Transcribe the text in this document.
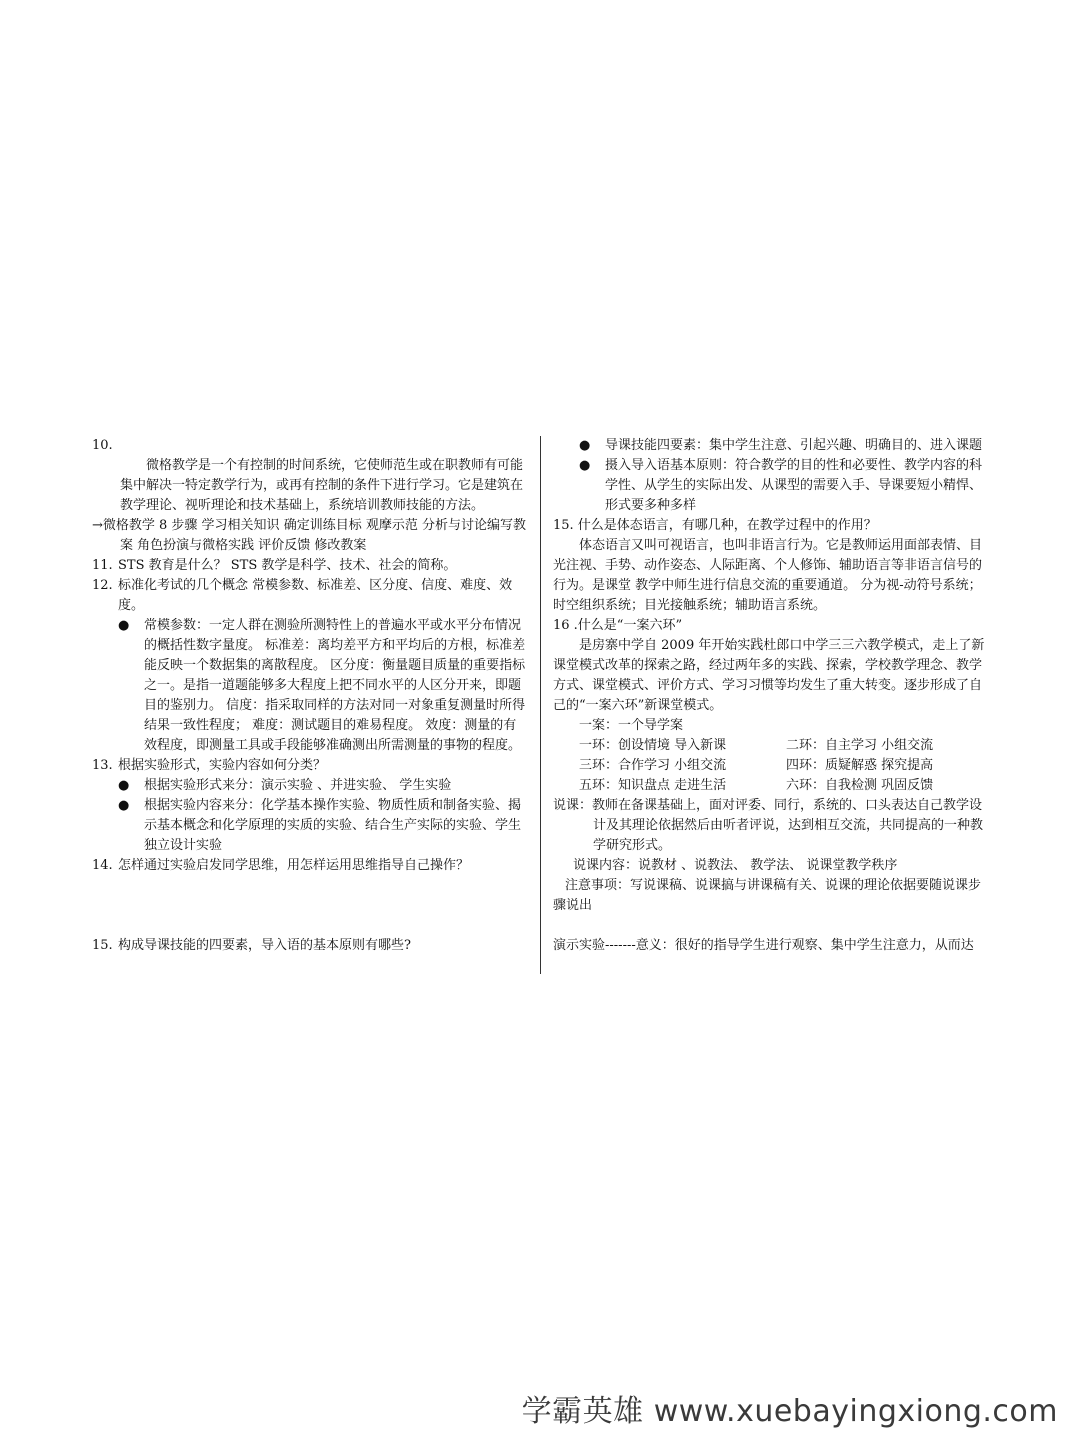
10.

微格教学是一个有控制的时间系统，它使师范生或在职教师有可能集中解决一特定教学行为，或再有控制的条件下进行学习。它是建筑在教学理论、视听理论和技术基础上，系统培训教师技能的方法。

→微格教学 8 步骤 学习相关知识 确定训练目标 观摩示范 分析与讨论编写教案 角色扮演与微格实践 评价反馈 修改教案

11. STS 教育是什么？ STS 教学是科学、技术、社会的简称。
12. 标准化考试的几个概念 常模参数、标准差、区分度、信度、难度、效度。
●	常模参数：一定人群在测验所测特性上的普遍水平或水平分布情况的概括性数字量度。 标准差：离均差平方和平均后的方根，标准差能反映一个数据集的离散程度。 区分度：衡量题目质量的重要指标之一。是指一道题能够多大程度上把不同水平的人区分开来，即题目的鉴别力。 信度：指采取同样的方法对同一对象重复测量时所得结果一致性程度； 难度：测试题目的难易程度。 效度：测量的有效程度，即测量工具或手段能够准确测出所需测量的事物的程度。
13. 根据实验形式，实验内容如何分类？
●	根据实验形式来分：演示实验 、并进实验、 学生实验
●	根据实验内容来分：化学基本操作实验、物质性质和制备实验、揭示基本概念和化学原理的实质的实验、结合生产实际的实验、学生独立设计实验
14. 怎样通过实验启发同学思维，用怎样运用思维指导自己操作？
15. 构成导课技能的四要素，导入语的基本原则有哪些?
●	导课技能四要素：集中学生注意、引起兴趣、明确目的、进入课题
●	摄入导入语基本原则：符合教学的目的性和必要性、教学内容的科学性、从学生的实际出发、从课型的需要入手、导课要短小精悍、形式要多种多样

15. 什么是体态语言，有哪几种，在教学过程中的作用？

体态语言又叫可视语言，也叫非语言行为。它是教师运用面部表情、目光注视、手势、动作姿态、人际距离、个人修饰、辅助语言等非语言信号的行为。是课堂 教学中师生进行信息交流的重要通道。 分为视-动符号系统；时空组织系统；目光接触系统；辅助语言系统。

16 .什么是“一案六环”

是房寨中学自 2009 年开始实践杜郎口中学三三六教学模式，走上了新课堂模式改革的探索之路，经过两年多的实践、探索，学校教学理念、教学方式、课堂模式、评价方式、学习习惯等均发生了重大转变。逐步形成了自己的“一案六环”新课堂模式。

一案：一个导学案

一环：创设情境 导入新课	二环：自主学习 小组交流
三环：合作学习 小组交流	四环：质疑解惑 探究提高
五环：知识盘点 走进生活	六环：自我检测 巩固反馈

说课：教师在备课基础上，面对评委、同行，系统的、口头表达自己教学设计及其理论依据然后由听者评说，达到相互交流，共同提高的一种教学研究形式。

说课内容：说教材 、说教法、 教学法、 说课堂教学秩序

注意事项：写说课稿、说课搞与讲课稿有关、说课的理论依据要随说课步骤说出

演示实验-------意义：很好的指导学生进行观察、集中学生注意力，从而达

学霸英雄 www.xuebayingxiong.com
